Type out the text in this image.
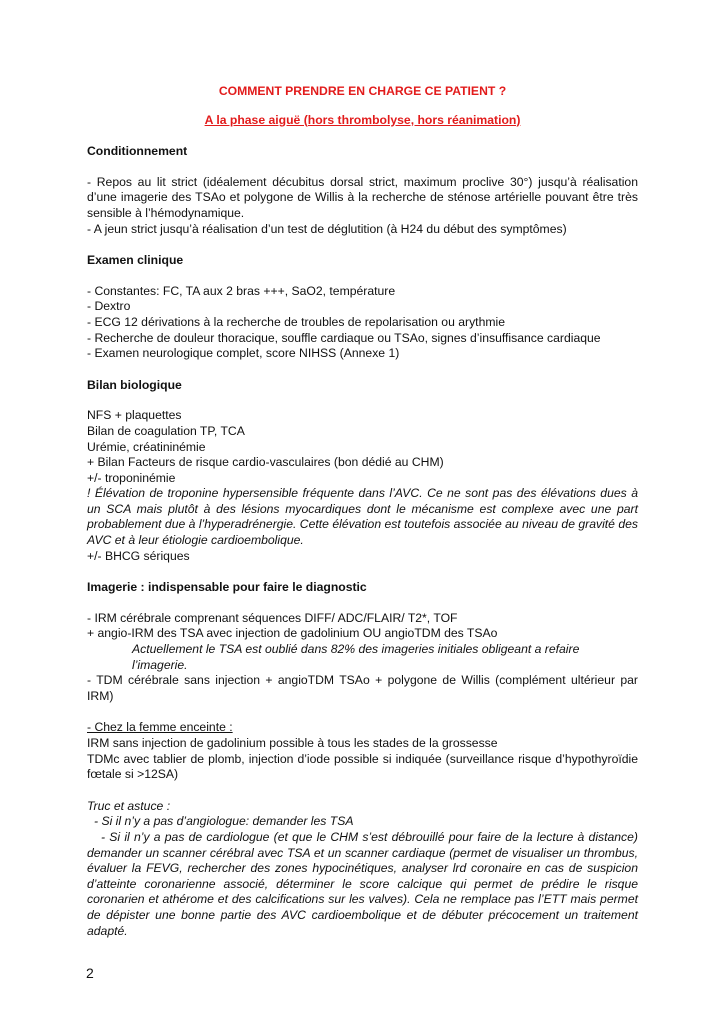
COMMENT PRENDRE EN CHARGE CE PATIENT ?
A la phase aiguë (hors thrombolyse, hors réanimation)
Conditionnement

- Repos au lit strict (idéalement décubitus dorsal strict, maximum proclive 30°) jusqu’à réalisation d’une imagerie des TSAo et polygone de Willis à la recherche de sténose artérielle pouvant être très sensible à l’hémodynamique.

- A jeun strict jusqu’à réalisation d’un test de déglutition (à H24 du début des symptômes)

Examen clinique

- Constantes: FC, TA aux 2 bras +++, SaO2, température

- Dextro

- ECG 12 dérivations à la recherche de troubles de repolarisation ou arythmie

- Recherche de douleur thoracique, souffle cardiaque ou TSAo, signes d’insuffisance cardiaque

- Examen neurologique complet, score NIHSS (Annexe 1)

Bilan biologique

NFS + plaquettes

Bilan de coagulation TP, TCA

Urémie, créatininémie

+ Bilan Facteurs de risque cardio-vasculaires (bon dédié au CHM)

+/- troponinémie

! Élévation de troponine hypersensible fréquente dans l’AVC. Ce ne sont pas des élévations dues à un SCA mais plutôt à des lésions myocardiques dont le mécanisme est complexe avec une part probablement due à l’hyperadrénergie. Cette élévation est toutefois associée au niveau de gravité des AVC et à leur étiologie cardioembolique.

+/- BHCG sériques

Imagerie : indispensable pour faire le diagnostic

- IRM cérébrale comprenant séquences DIFF/ ADC/FLAIR/ T2*, TOF

+ angio-IRM des TSA avec injection de gadolinium OU angioTDM des TSAo

Actuellement le TSA est oublié dans 82% des imageries initiales obligeant a refaire l’imagerie.

- TDM cérébrale sans injection + angioTDM TSAo + polygone de Willis (complément ultérieur par IRM)

- Chez la femme enceinte :

IRM sans injection de gadolinium possible à tous les stades de la grossesse

TDMc avec tablier de plomb, injection d’iode possible si indiquée (surveillance risque d’hypothyroïdie fœtale si >12SA)

Truc et astuce :

- Si il n’y a pas d’angiologue: demander les TSA

- Si il n’y a pas de cardiologue (et que le CHM s’est débrouillé pour faire de la lecture à distance) demander un scanner cérébral avec TSA et un scanner cardiaque (permet de visualiser un thrombus, évaluer la FEVG, rechercher des zones hypocinétiques, analyser lrd coronaire en cas de suspicion d’atteinte coronarienne associé, déterminer le score calcique qui permet de prédire le risque coronarien et athérome et des calcifications sur les valves). Cela ne remplace pas l’ETT mais permet de dépister une bonne partie des AVC cardioembolique et de débuter précocement un traitement adapté.

2
